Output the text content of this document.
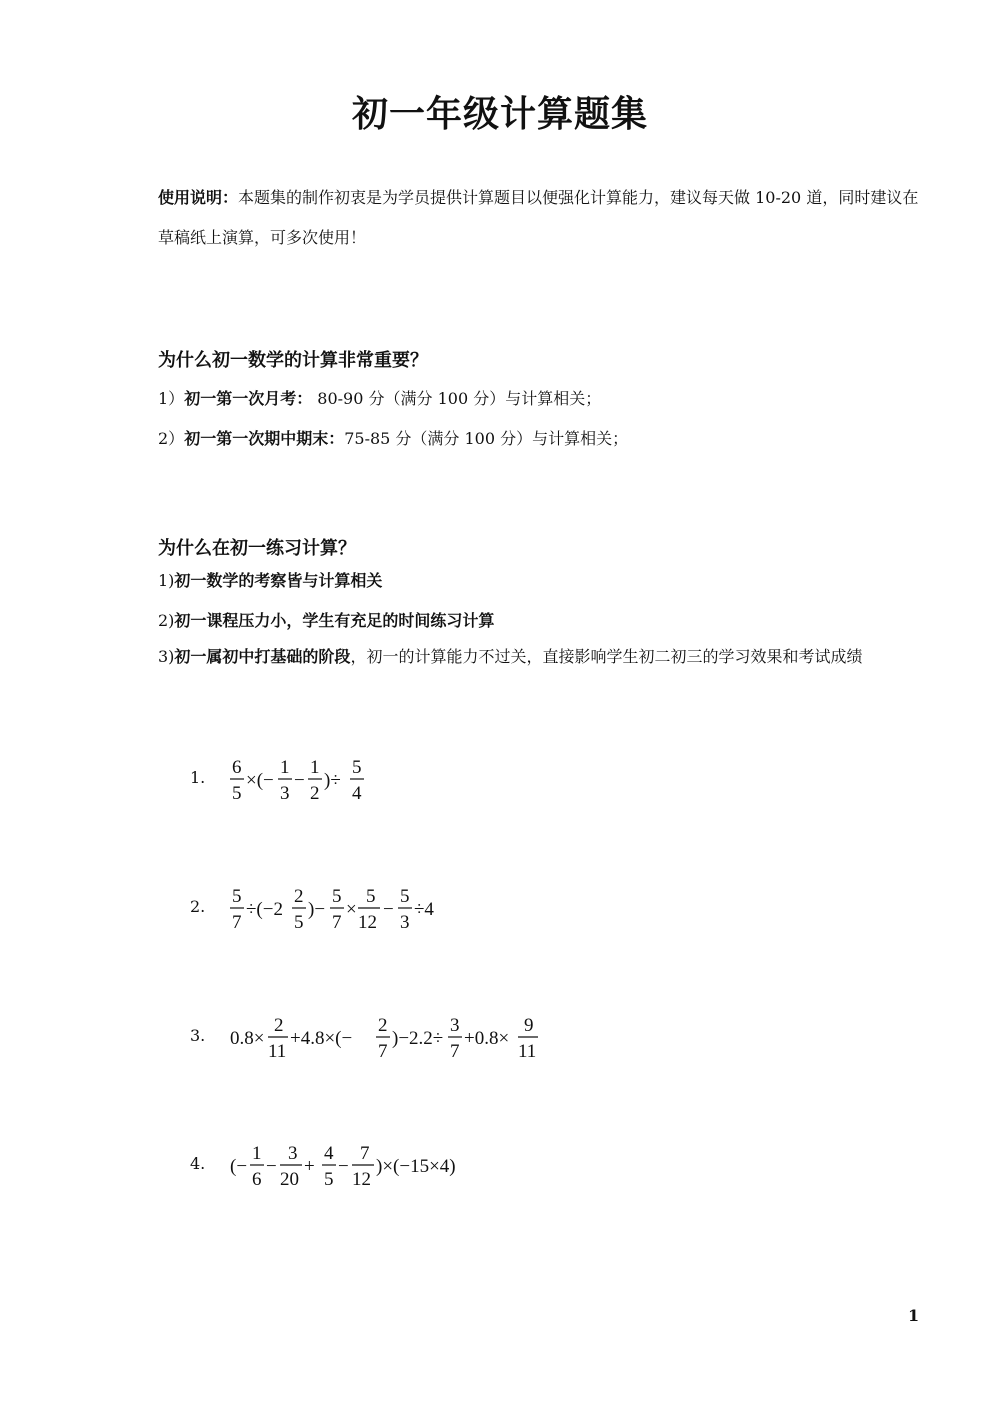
初一年级计算题集
使用说明：本题集的制作初衷是为学员提供计算题目以便强化计算能力，建议每天做 10-20 道，同时建议在草稿纸上演算，可多次使用！
为什么初一数学的计算非常重要？
1）初一第一次月考： 80-90 分（满分 100 分）与计算相关；
2）初一第一次期中期末：75-85 分（满分 100 分）与计算相关；
为什么在初一练习计算？
1)初一数学的考察皆与计算相关
2)初一课程压力小，学生有充足的时间练习计算
3)初一属初中打基础的阶段，初一的计算能力不过关，直接影响学生初二初三的学习效果和考试成绩
1. 6
5
×(−
1
3
−
1
2
)÷
5
4
2. 5
7
÷(−2
2
5
)−
5
7
×
5
12
−
5
3
÷4
3. 0.8×
2
11
+4.8×(−
2
7
)−2.2÷
3
7
+0.8×
9
11
4. (−
1
6
−
3
20
+
4
5
−
7
12
)×(−15×4)
1
